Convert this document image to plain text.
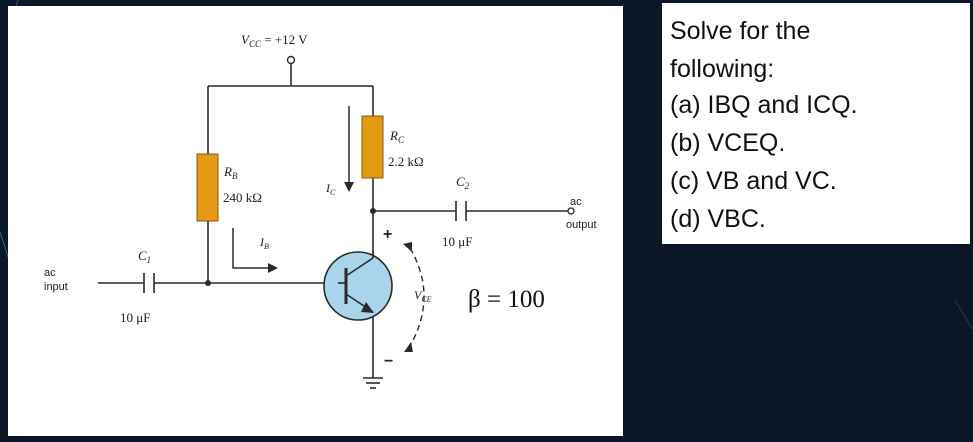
$V_{CC} = +12$ V
$R_B$
240 kΩ
$R_C$
2.2 kΩ
$I_C$
$I_B$
$C_1$
10 μF
$C_2$
10 μF
ac
input
ac
output
+
−
$V_{CE}$ β = 100
Solve for the
following:
(a) IBQ and ICQ.
(b) VCEQ.
(c) VB and VC.
(d) VBC.
